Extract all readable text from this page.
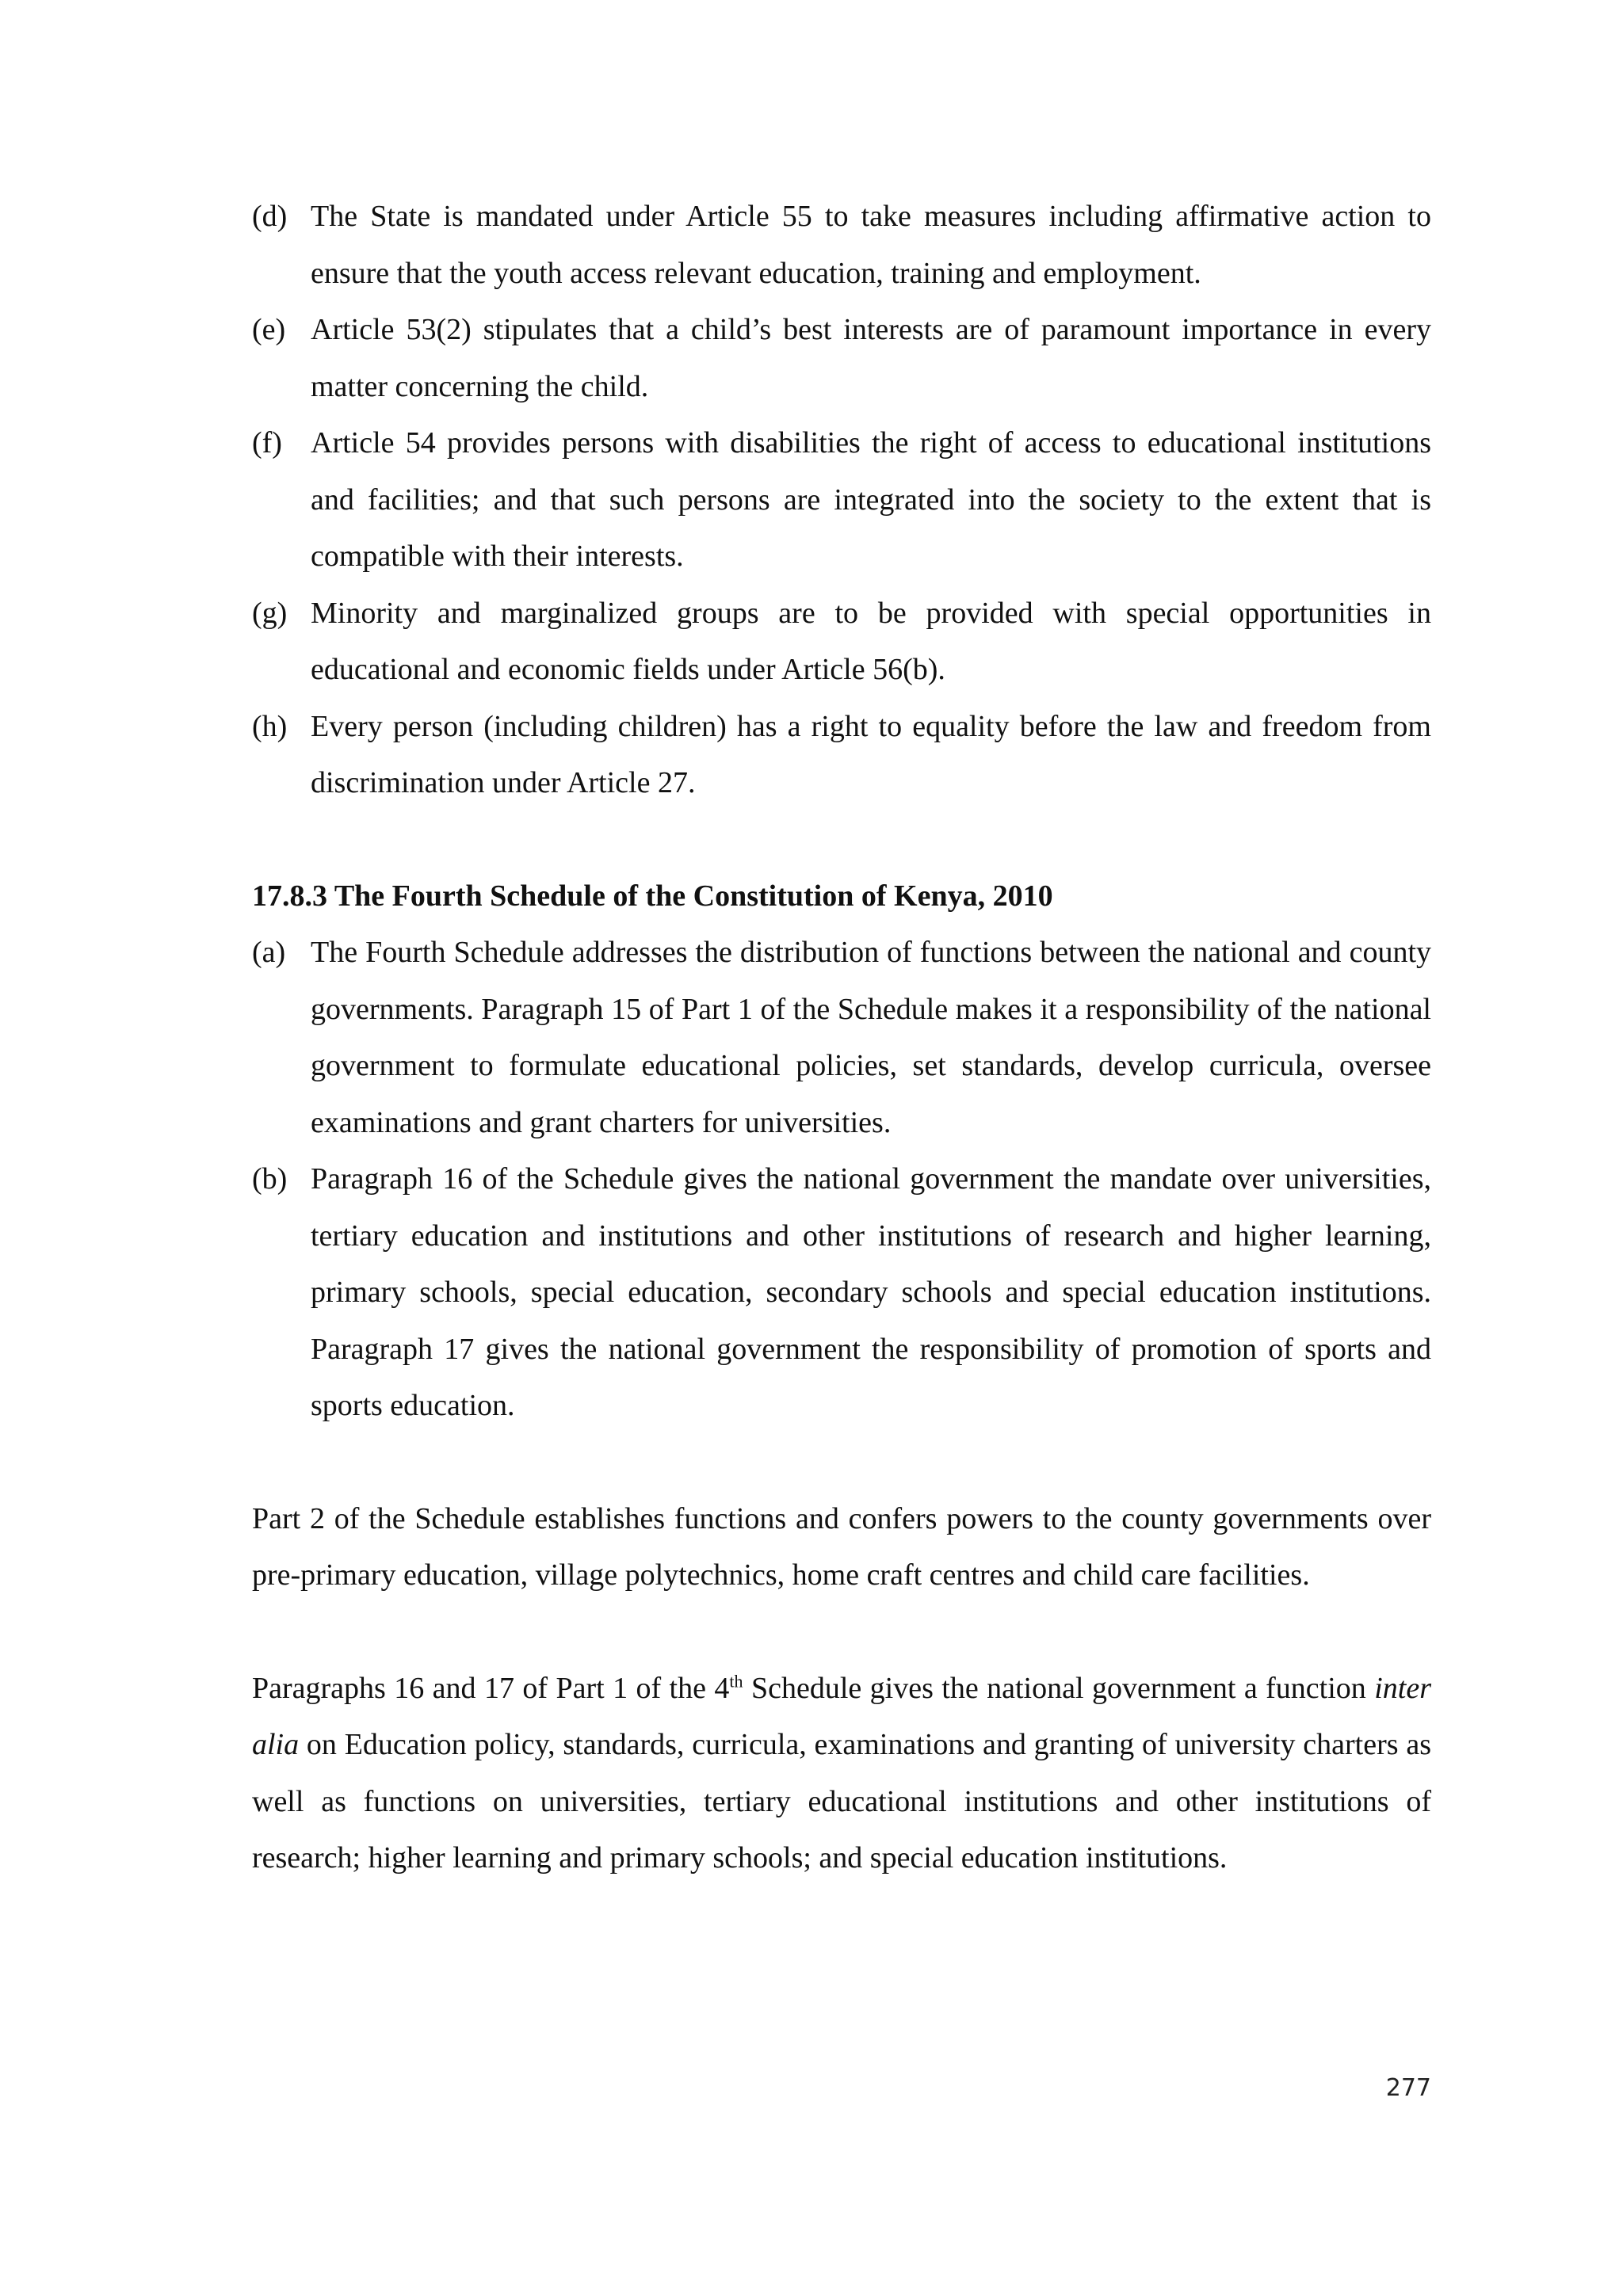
(d) The State is mandated under Article 55 to take measures including affirmative action to ensure that the youth access relevant education, training and employment.
(e) Article 53(2) stipulates that a child’s best interests are of paramount importance in every matter concerning the child.
(f) Article 54 provides persons with disabilities the right of access to educational institutions and facilities; and that such persons are integrated into the society to the extent that is compatible with their interests.
(g) Minority and marginalized groups are to be provided with special opportunities in educational and economic fields under Article 56(b).
(h) Every person (including children) has a right to equality before the law and freedom from discrimination under Article 27.
17.8.3 The Fourth Schedule of the Constitution of Kenya, 2010
(a) The Fourth Schedule addresses the distribution of functions between the national and county governments. Paragraph 15 of Part 1 of the Schedule makes it a responsibility of the national government to formulate educational policies, set standards, develop curricula, oversee examinations and grant charters for universities.
(b) Paragraph 16 of the Schedule gives the national government the mandate over universities, tertiary education and institutions and other institutions of research and higher learning, primary schools, special education, secondary schools and special education institutions. Paragraph 17 gives the national government the responsibility of promotion of sports and sports education.
Part 2 of the Schedule establishes functions and confers powers to the county governments over pre-primary education, village polytechnics, home craft centres and child care facilities.
Paragraphs 16 and 17 of Part 1 of the 4th Schedule gives the national government a function inter alia on Education policy, standards, curricula, examinations and granting of university charters as well as functions on universities, tertiary educational institutions and other institutions of research; higher learning and primary schools; and special education institutions.
277
